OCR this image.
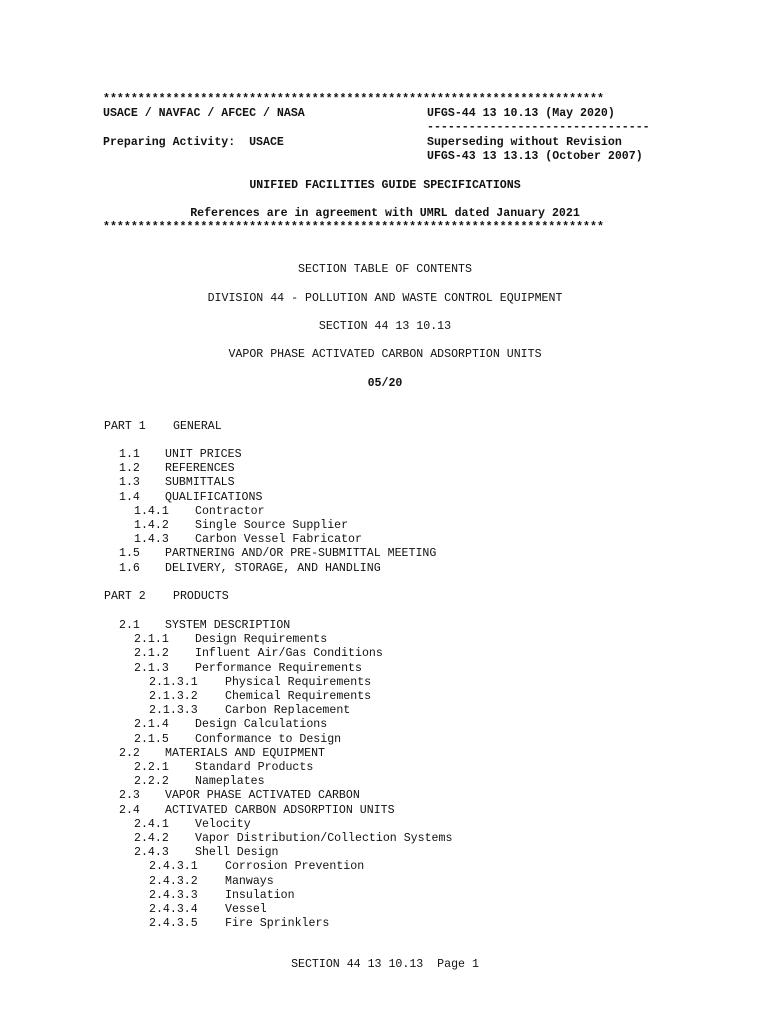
************************************************************************
USACE / NAVFAC / AFCEC / NASA	UFGS-44 13 10.13 (May 2020)
--------------------------------
Preparing Activity:  USACE	Superseding without Revision
UFGS-43 13 13.13 (October 2007)
UNIFIED FACILITIES GUIDE SPECIFICATIONS
References are in agreement with UMRL dated January 2021
************************************************************************
SECTION TABLE OF CONTENTS
DIVISION 44 - POLLUTION AND WASTE CONTROL EQUIPMENT
SECTION 44 13 10.13
VAPOR PHASE ACTIVATED CARBON ADSORPTION UNITS
05/20
PART 1 GENERAL
1.1 UNIT PRICES
1.2 REFERENCES
1.3 SUBMITTALS
1.4 QUALIFICATIONS
1.4.1 Contractor
1.4.2 Single Source Supplier
1.4.3 Carbon Vessel Fabricator
1.5 PARTNERING AND/OR PRE-SUBMITTAL MEETING
1.6 DELIVERY, STORAGE, AND HANDLING
PART 2 PRODUCTS
2.1 SYSTEM DESCRIPTION
2.1.1 Design Requirements
2.1.2 Influent Air/Gas Conditions
2.1.3 Performance Requirements
2.1.3.1 Physical Requirements
2.1.3.2 Chemical Requirements
2.1.3.3 Carbon Replacement
2.1.4 Design Calculations
2.1.5 Conformance to Design
2.2 MATERIALS AND EQUIPMENT
2.2.1 Standard Products
2.2.2 Nameplates
2.3 VAPOR PHASE ACTIVATED CARBON
2.4 ACTIVATED CARBON ADSORPTION UNITS
2.4.1 Velocity
2.4.2 Vapor Distribution/Collection Systems
2.4.3 Shell Design
2.4.3.1 Corrosion Prevention
2.4.3.2 Manways
2.4.3.3 Insulation
2.4.3.4 Vessel
2.4.3.5 Fire Sprinklers
SECTION 44 13 10.13  Page 1
